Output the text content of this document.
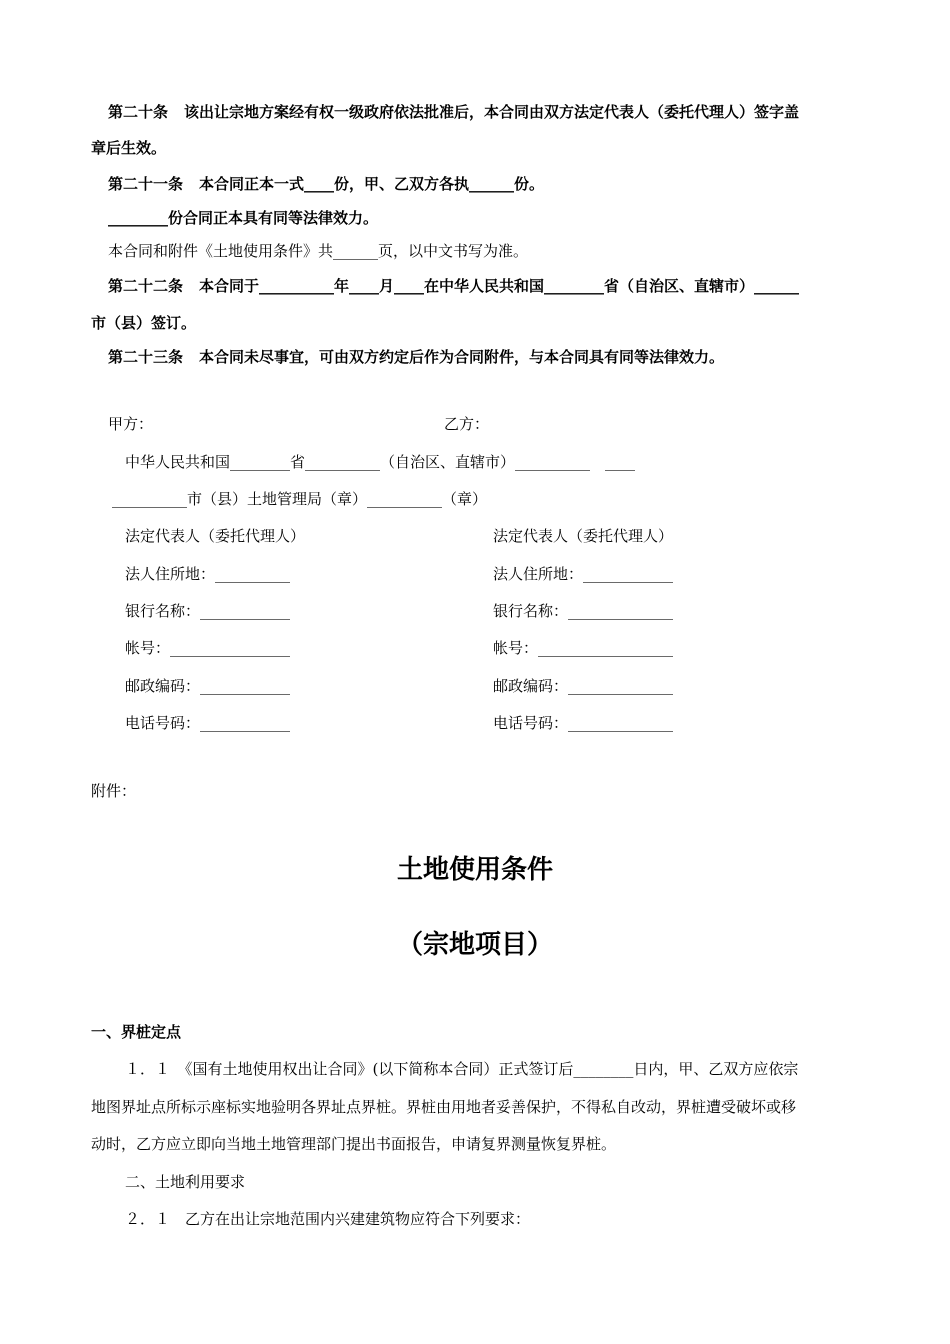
第二十条 该出让宗地方案经有权一级政府依法批准后，本合同由双方法定代表人（委托代理人）签字盖
章后生效。
第二十一条 本合同正本一式____份，甲、乙双方各执______份。
________份合同正本具有同等法律效力。
本合同和附件《土地使用条件》共______页，以中文书写为准。
第二十二条 本合同于__________年____月____在中华人民共和国________省（自治区、直辖市）______
市（县）签订。
第二十三条 本合同未尽事宜，可由双方约定后作为合同附件，与本合同具有同等法律效力。
甲方：	乙方：
中华人民共和国________省__________（自治区、直辖市）__________　____
__________市（县）土地管理局（章）__________（章）
法定代表人（委托代理人）	法定代表人（委托代理人）
法人住所地：__________	法人住所地：____________
银行名称：____________	银行名称：______________
帐号：________________	帐号：__________________
邮政编码：____________	邮政编码：______________
电话号码：____________	电话号码：______________
附件：
土地使用条件
（宗地项目）
一、界桩定点
１．１　《国有土地使用权出让合同》(以下简称本合同）正式签订后________日内，甲、乙双方应依宗
地图界址点所标示座标实地验明各界址点界桩。界桩由用地者妥善保护，不得私自改动，界桩遭受破坏或移
动时，乙方应立即向当地土地管理部门提出书面报告，申请复界测量恢复界桩。
二、土地利用要求
２．１　乙方在出让宗地范围内兴建建筑物应符合下列要求：
